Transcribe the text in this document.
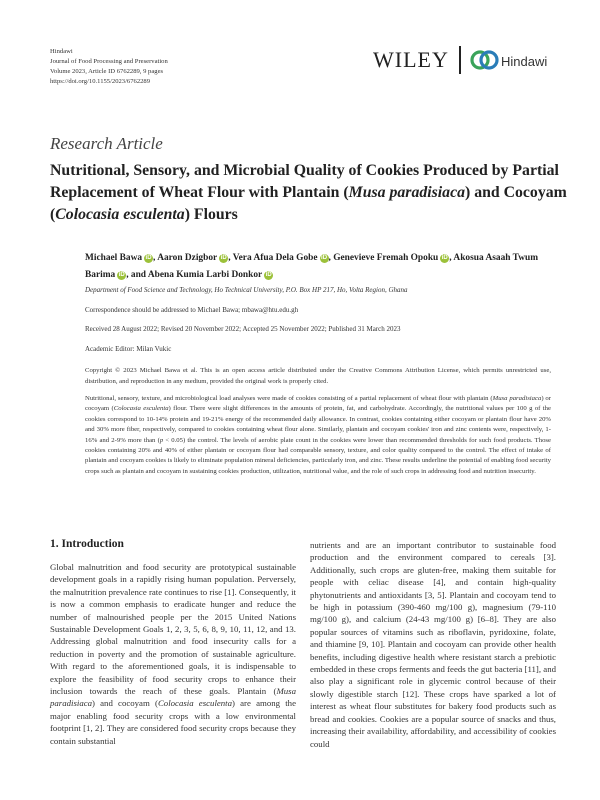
Hindawi
Journal of Food Processing and Preservation
Volume 2023, Article ID 6762289, 9 pages
https://doi.org/10.1155/2023/6762289
WILEY	Hindawi
Research Article
Nutritional, Sensory, and Microbial Quality of Cookies Produced by Partial Replacement of Wheat Flour with Plantain (Musa paradisiaca) and Cocoyam (Colocasia esculenta) Flours
Michael Bawa iD , Aaron Dzigbor iD , Vera Afua Dela Gobe iD , Genevieve Fremah Opoku iD , Akosua Asaah Twum Barima iD , and Abena Kumia Larbi Donkor iD
Department of Food Science and Technology, Ho Technical University, P.O. Box HP 217, Ho, Volta Region, Ghana
Correspondence should be addressed to Michael Bawa; mbawa@htu.edu.gh
Received 28 August 2022; Revised 20 November 2022; Accepted 25 November 2022; Published 31 March 2023
Academic Editor: Milan Vukic
Copyright © 2023 Michael Bawa et al. This is an open access article distributed under the Creative Commons Attribution License, which permits unrestricted use, distribution, and reproduction in any medium, provided the original work is properly cited.
Nutritional, sensory, texture, and microbiological load analyses were made of cookies consisting of a partial replacement of wheat flour with plantain (Musa paradisiaca) or cocoyam (Colocasia esculenta) flour. There were slight differences in the amounts of protein, fat, and carbohydrate. Accordingly, the nutritional values per 100 g of the cookies correspond to 10-14% protein and 19-21% energy of the recommended daily allowance. In contrast, cookies containing either cocoyam or plantain flour have 20% and 30% more fiber, respectively, compared to cookies containing wheat flour alone. Similarly, plantain and cocoyam cookies' iron and zinc contents were, respectively, 1-16% and 2-9% more than (p < 0.05) the control. The levels of aerobic plate count in the cookies were lower than recommended thresholds for such food products. Those cookies containing 20% and 40% of either plantain or cocoyam flour had comparable sensory, texture, and color quality compared to the control. The effect of intake of plantain and cocoyam cookies is likely to eliminate population mineral deficiencies, particularly iron, and zinc. These results underline the potential of enabling food security crops such as plantain and cocoyam in sustaining cookies production, utilization, nutritional value, and the role of such crops in addressing food and nutrition insecurity.
1. Introduction
Global malnutrition and food security are prototypical sustainable development goals in a rapidly rising human population. Perversely, the malnutrition prevalence rate continues to rise [1]. Consequently, it is now a common emphasis to eradicate hunger and reduce the number of malnourished people per the 2015 United Nations Sustainable Development Goals 1, 2, 3, 5, 6, 8, 9, 10, 11, 12, and 13. Addressing global malnutrition and food insecurity calls for a reduction in poverty and the promotion of sustainable agriculture. With regard to the aforementioned goals, it is indispensable to explore the feasibility of food security crops to enhance their inclusion towards the reach of these goals. Plantain (Musa paradisiaca) and cocoyam (Colocasia esculenta) are among the major enabling food security crops with a low environmental footprint [1, 2]. They are considered food security crops because they contain substantial
nutrients and are an important contributor to sustainable food production and the environment compared to cereals [3]. Additionally, such crops are gluten-free, making them suitable for people with celiac disease [4], and contain high-quality phytonutrients and antioxidants [3, 5]. Plantain and cocoyam tend to be high in potassium (390-460 mg/100 g), magnesium (79-110 mg/100 g), and calcium (24-43 mg/100 g) [6–8]. They are also popular sources of vitamins such as riboflavin, pyridoxine, folate, and thiamine [9, 10]. Plantain and cocoyam can provide other health benefits, including digestive health where resistant starch a prebiotic embedded in these crops ferments and feeds the gut bacteria [11], and also play a significant role in glycemic control because of their slowly digestible starch [12]. These crops have sparked a lot of interest as wheat flour substitutes for bakery food products such as bread and cookies. Cookies are a popular source of snacks and thus, increasing their availability, affordability, and accessibility of cookies could
